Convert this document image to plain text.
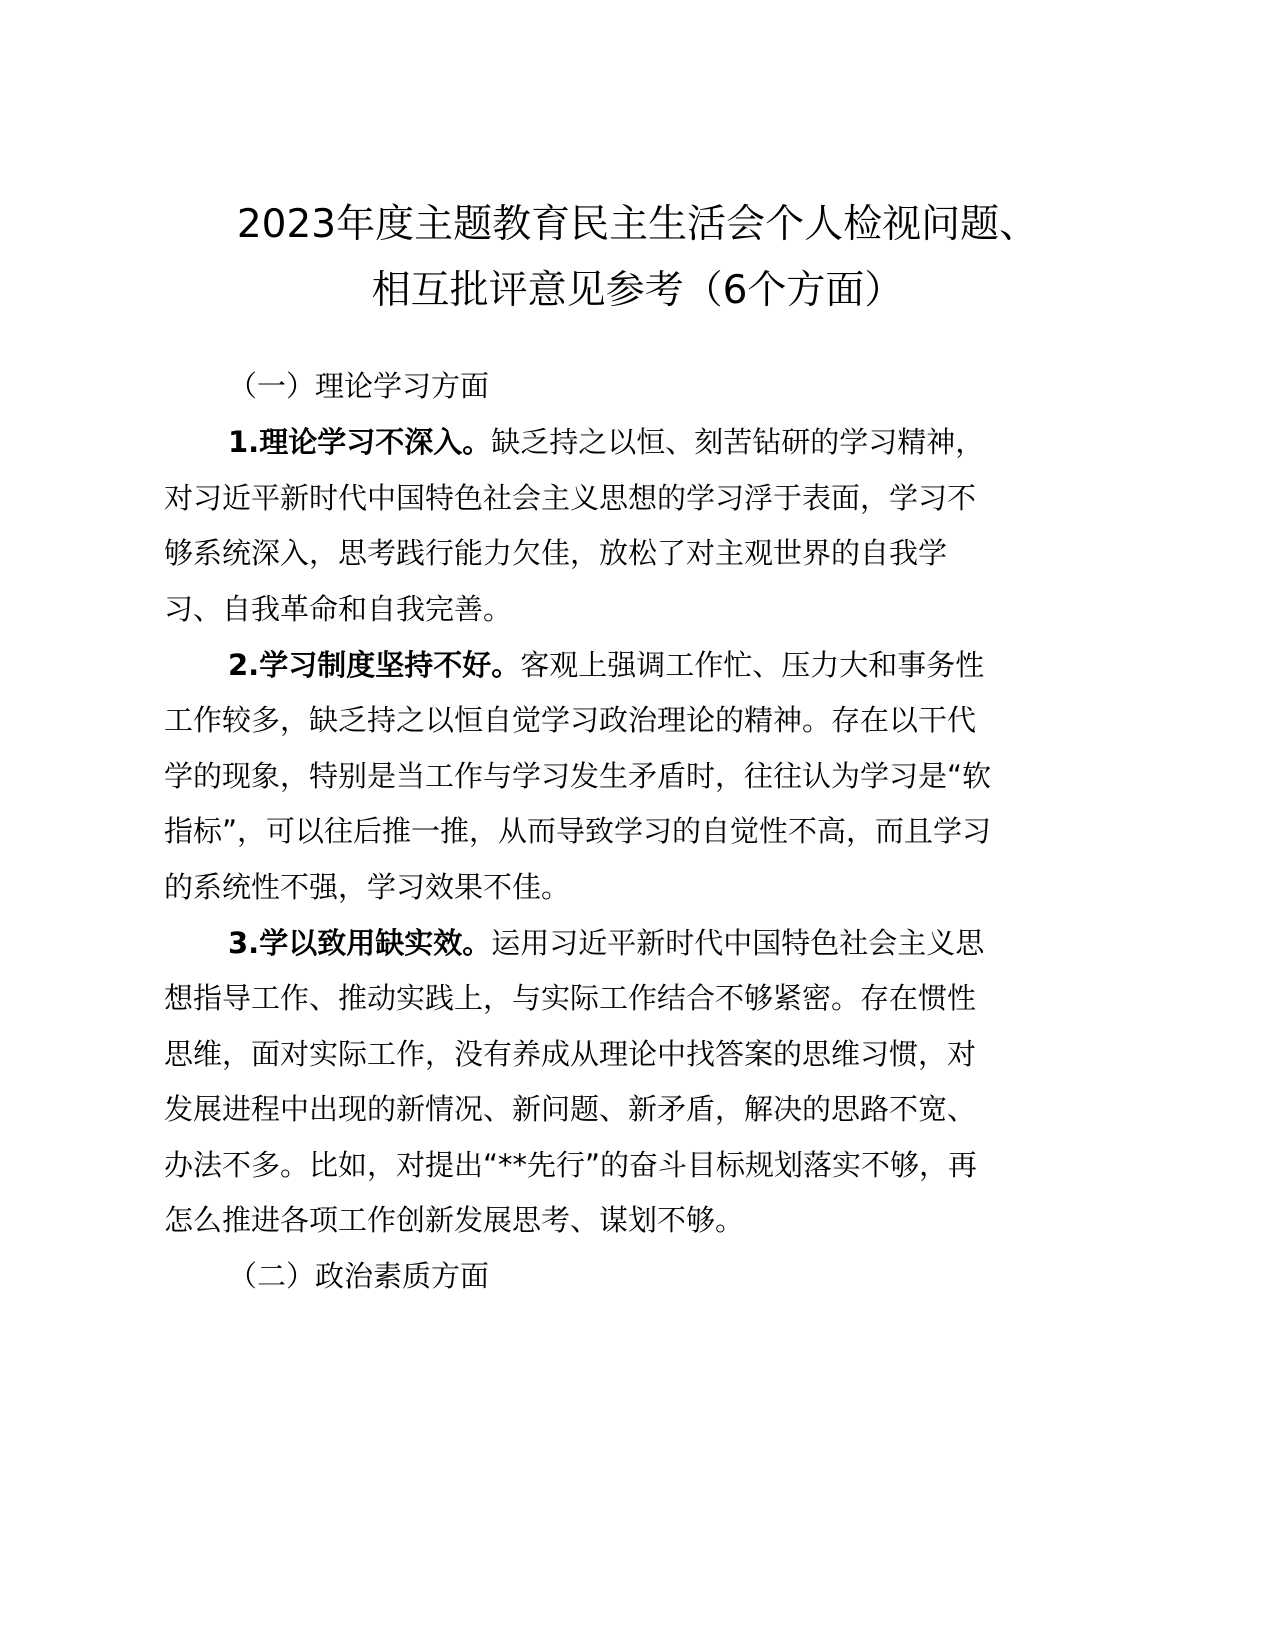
2023年度主题教育民主生活会个人检视问题、
相互批评意见参考（6个方面）
（一）理论学习方面
1.理论学习不深入。缺乏持之以恒、刻苦钻研的学习精神，
对习近平新时代中国特色社会主义思想的学习浮于表面，学习不
够系统深入，思考践行能力欠佳，放松了对主观世界的自我学
习、自我革命和自我完善。
2.学习制度坚持不好。客观上强调工作忙、压力大和事务性
工作较多，缺乏持之以恒自觉学习政治理论的精神。存在以干代
学的现象，特别是当工作与学习发生矛盾时，往往认为学习是“软
指标”，可以往后推一推，从而导致学习的自觉性不高，而且学习
的系统性不强，学习效果不佳。
3.学以致用缺实效。运用习近平新时代中国特色社会主义思
想指导工作、推动实践上，与实际工作结合不够紧密。存在惯性
思维，面对实际工作，没有养成从理论中找答案的思维习惯，对
发展进程中出现的新情况、新问题、新矛盾，解决的思路不宽、
办法不多。比如，对提出“**先行”的奋斗目标规划落实不够，再
怎么推进各项工作创新发展思考、谋划不够。
（二）政治素质方面
